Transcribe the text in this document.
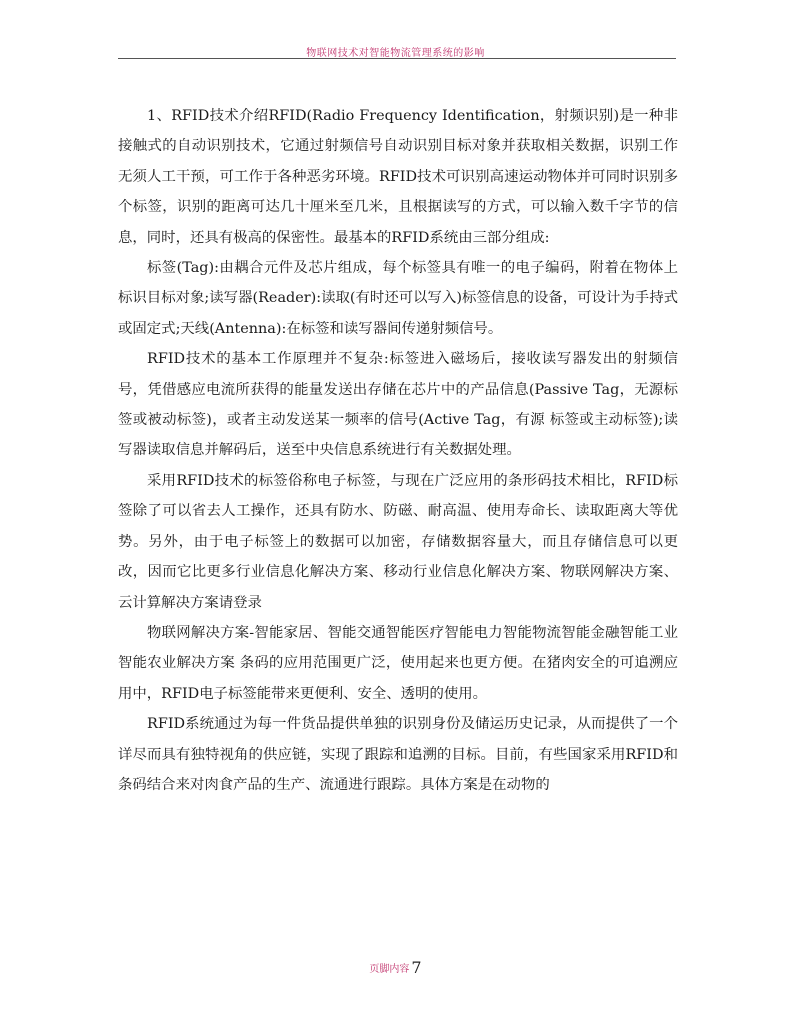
物联网技术对智能物流管理系统的影响

1、RFID技术介绍RFID(Radio Frequency Identification，射频识别)是一种非接触式的自动识别技术，它通过射频信号自动识别目标对象并获取相关数据，识别工作无须人工干预，可工作于各种恶劣环境。RFID技术可识别高速运动物体并可同时识别多个标签，识别的距离可达几十厘米至几米，且根据读写的方式，可以输入数千字节的信息，同时，还具有极高的保密性。最基本的RFID系统由三部分组成:

标签(Tag):由耦合元件及芯片组成，每个标签具有唯一的电子编码，附着在物体上标识目标对象;读写器(Reader):读取(有时还可以写入)标签信息的设备，可设计为手持式或固定式;天线(Antenna):在标签和读写器间传递射频信号。

RFID技术的基本工作原理并不复杂:标签进入磁场后，接收读写器发出的射频信号，凭借感应电流所获得的能量发送出存储在芯片中的产品信息(Passive Tag，无源标签或被动标签)，或者主动发送某一频率的信号(Active Tag，有源 标签或主动标签);读写器读取信息并解码后，送至中央信息系统进行有关数据处理。

采用RFID技术的标签俗称电子标签，与现在广泛应用的条形码技术相比，RFID标签除了可以省去人工操作，还具有防水、防磁、耐高温、使用寿命长、读取距离大等优势。另外，由于电子标签上的数据可以加密，存储数据容量大，而且存储信息可以更改，因而它比更多行业信息化解决方案、移动行业信息化解决方案、物联网解决方案、云计算解决方案请登录

物联网解决方案-智能家居、智能交通智能医疗智能电力智能物流智能金融智能工业智能农业解决方案 条码的应用范围更广泛，使用起来也更方便。在猪肉安全的可追溯应用中，RFID电子标签能带来更便利、安全、透明的使用。

RFID系统通过为每一件货品提供单独的识别身份及储运历史记录，从而提供了一个详尽而具有独特视角的供应链，实现了跟踪和追溯的目标。目前，有些国家采用RFID和条码结合来对肉食产品的生产、流通进行跟踪。具体方案是在动物的

页脚内容 7
